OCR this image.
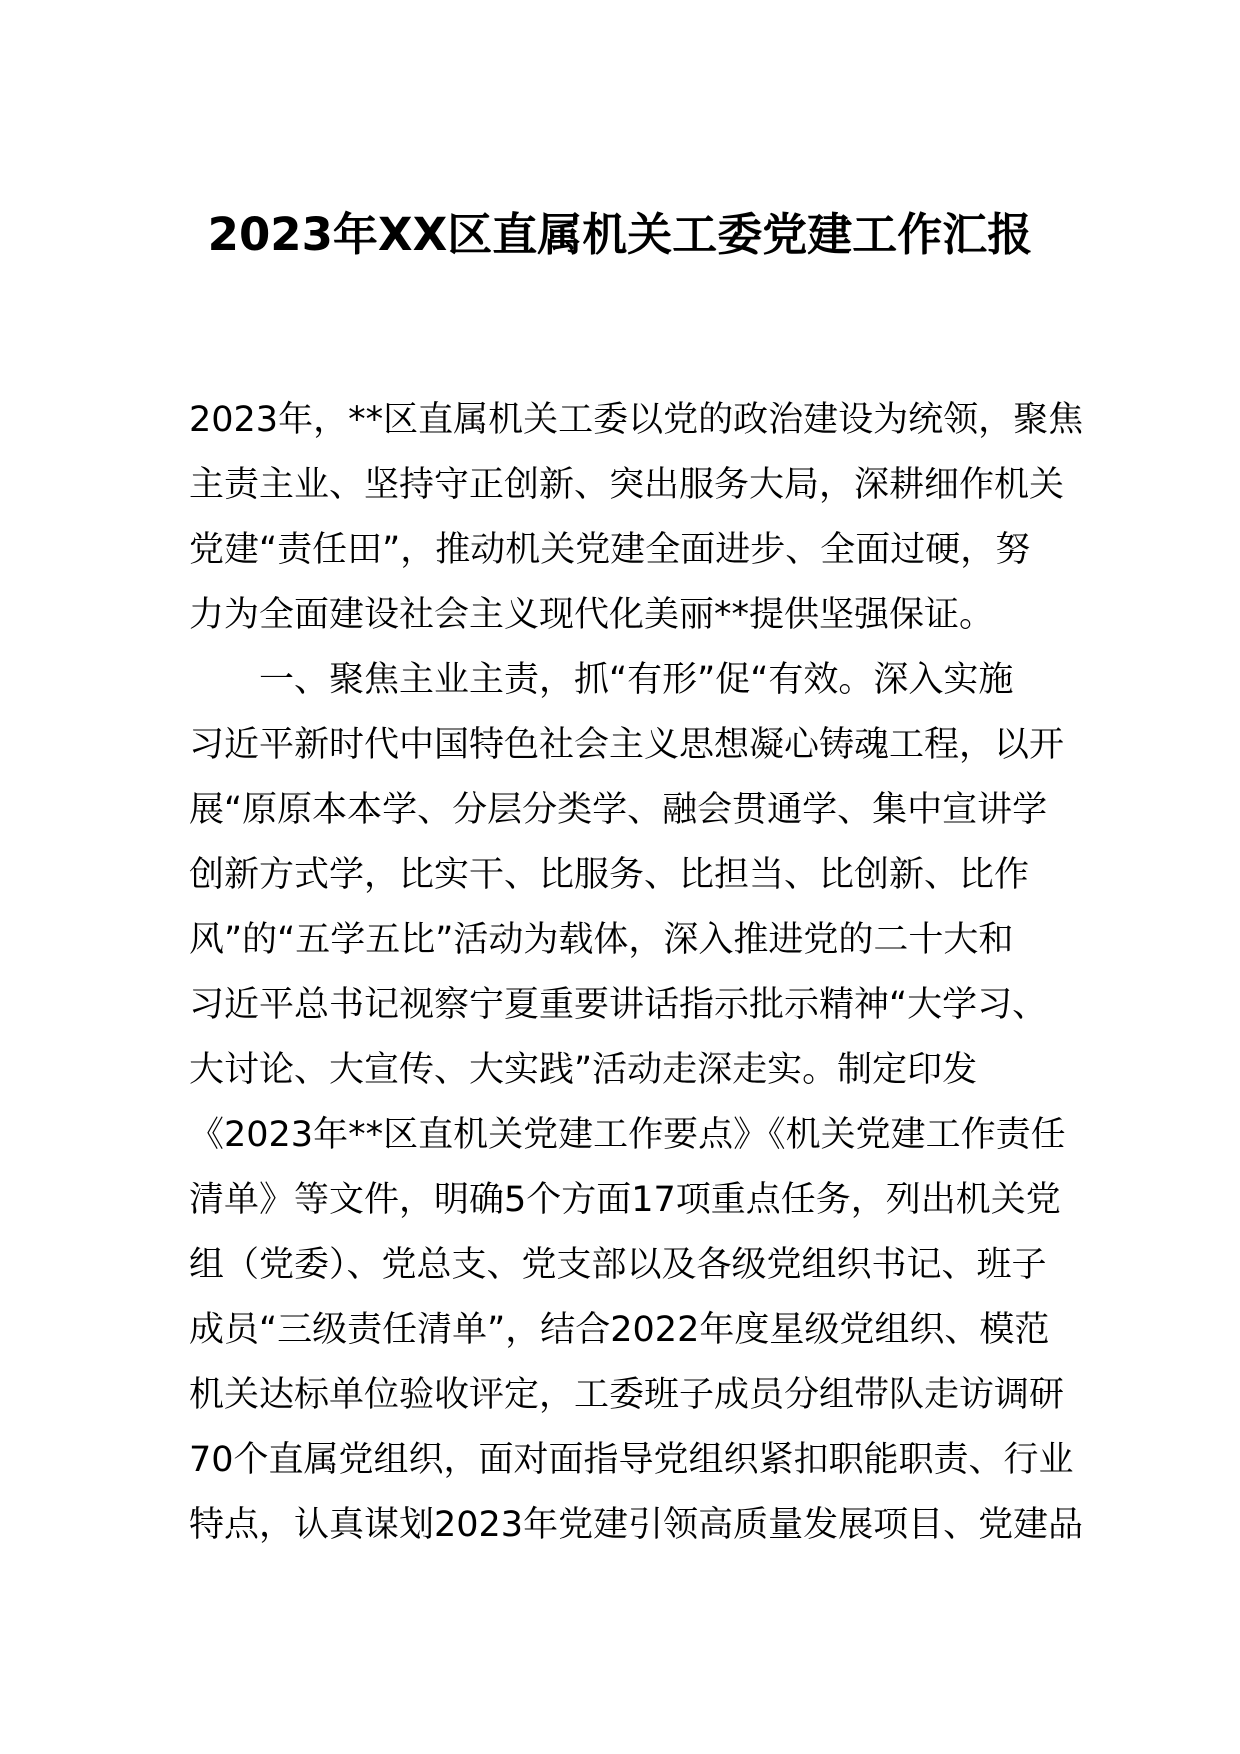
2023年XX区直属机关工委党建工作汇报
2023年，**区直属机关工委以党的政治建设为统领，聚焦
主责主业、坚持守正创新、突出服务大局，深耕细作机关
党建“责任田”，推动机关党建全面进步、全面过硬，努
力为全面建设社会主义现代化美丽**提供坚强保证。
一、聚焦主业主责，抓“有形”促“有效。深入实施
习近平新时代中国特色社会主义思想凝心铸魂工程，以开
展“原原本本学、分层分类学、融会贯通学、集中宣讲学
创新方式学，比实干、比服务、比担当、比创新、比作
风”的“五学五比”活动为载体，深入推进党的二十大和
习近平总书记视察宁夏重要讲话指示批示精神“大学习、
大讨论、大宣传、大实践”活动走深走实。制定印发
《2023年**区直机关党建工作要点》《机关党建工作责任
清单》等文件，明确5个方面17项重点任务，列出机关党
组（党委）、党总支、党支部以及各级党组织书记、班子
成员“三级责任清单”，结合2022年度星级党组织、模范
机关达标单位验收评定，工委班子成员分组带队走访调研
70个直属党组织，面对面指导党组织紧扣职能职责、行业
特点，认真谋划2023年党建引领高质量发展项目、党建品
